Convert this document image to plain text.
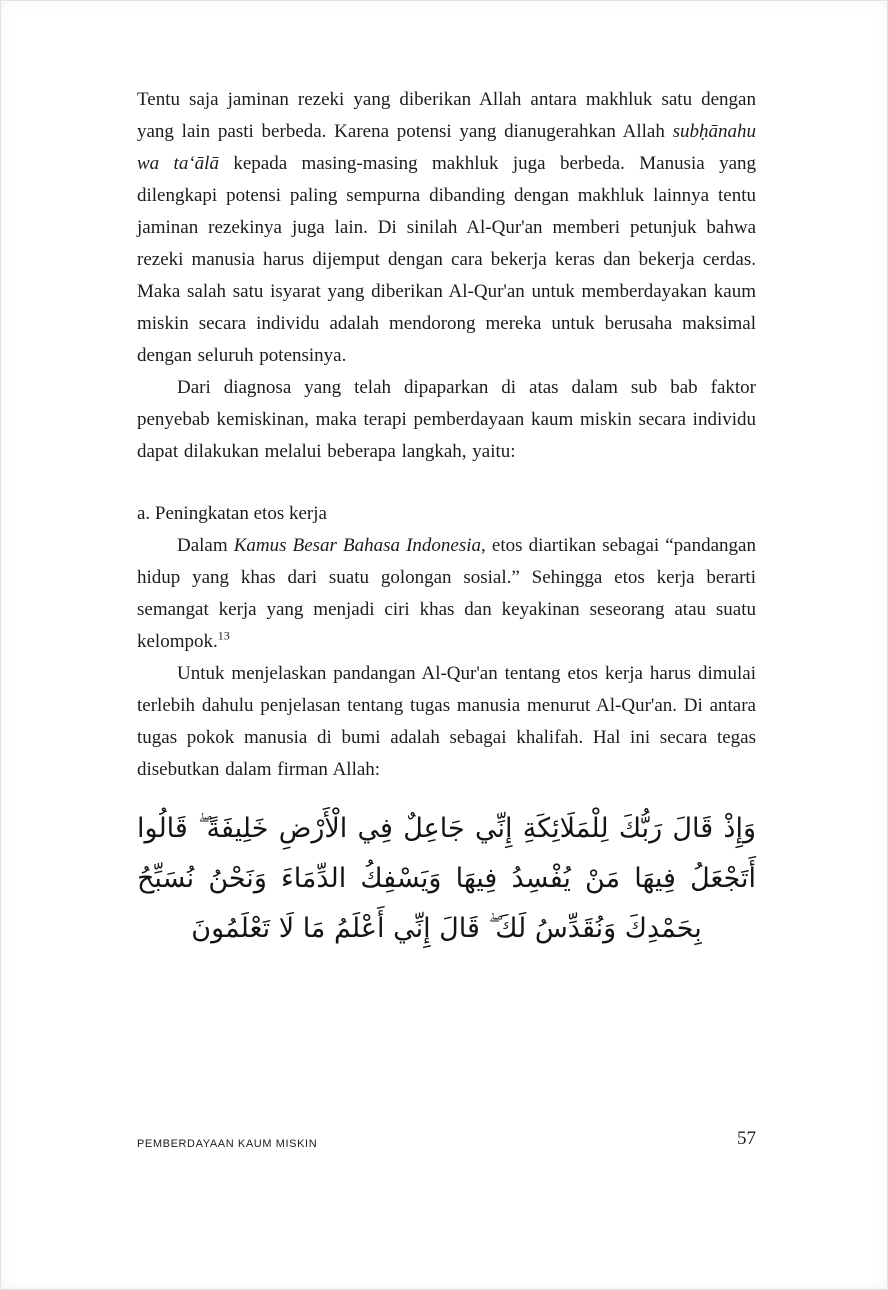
Tentu saja jaminan rezeki yang diberikan Allah antara makhluk satu dengan yang lain pasti berbeda. Karena potensi yang dianugerahkan Allah subḥānahu wa ta‘ālā kepada masing-masing makhluk juga berbeda. Manusia yang dilengkapi potensi paling sempurna dibanding dengan makhluk lainnya tentu jaminan rezekinya juga lain. Di sinilah Al-Qur'an memberi petunjuk bahwa rezeki manusia harus dijemput dengan cara bekerja keras dan bekerja cerdas. Maka salah satu isyarat yang diberikan Al-Qur'an untuk memberdayakan kaum miskin secara individu adalah mendorong mereka untuk berusaha maksimal dengan seluruh potensinya.

Dari diagnosa yang telah dipaparkan di atas dalam sub bab faktor penyebab kemiskinan, maka terapi pemberdayaan kaum miskin secara individu dapat dilakukan melalui beberapa langkah, yaitu:

a. Peningkatan etos kerja

Dalam Kamus Besar Bahasa Indonesia, etos diartikan sebagai “pandangan hidup yang khas dari suatu golongan sosial.” Sehingga etos kerja berarti semangat kerja yang menjadi ciri khas dan keyakinan seseorang atau suatu kelompok.$^{13}$

Untuk menjelaskan pandangan Al-Qur'an tentang etos kerja harus dimulai terlebih dahulu penjelasan tentang tugas manusia menurut Al-Qur'an. Di antara tugas pokok manusia di bumi adalah sebagai khalifah. Hal ini secara tegas disebutkan dalam firman Allah:

وَإِذْ قَالَ رَبُّكَ لِلْمَلَائِكَةِ إِنِّي جَاعِلٌ فِي الْأَرْضِ خَلِيفَةً ۖ قَالُوا أَتَجْعَلُ فِيهَا مَنْ يُفْسِدُ فِيهَا وَيَسْفِكُ الدِّمَاءَ وَنَحْنُ نُسَبِّحُ بِحَمْدِكَ وَنُقَدِّسُ لَكَ ۖ قَالَ إِنِّي أَعْلَمُ مَا لَا تَعْلَمُونَ

PEMBERDAYAAN KAUM MISKIN	57
